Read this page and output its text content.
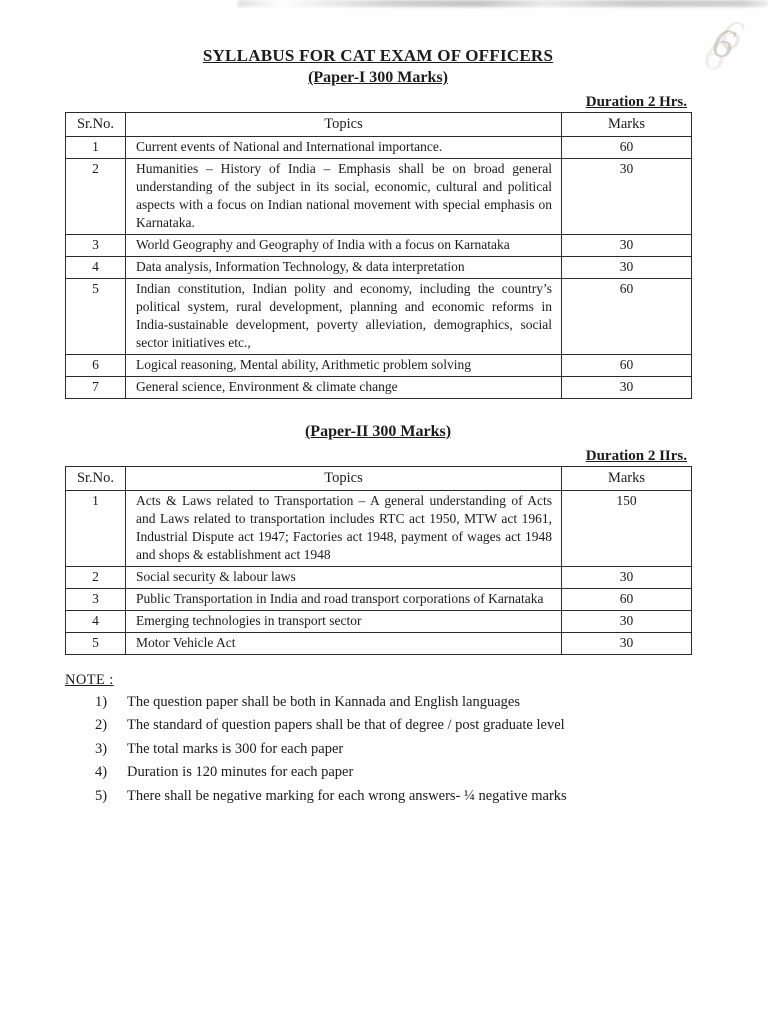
6
SYLLABUS FOR CAT EXAM OF OFFICERS
(Paper-I 300 Marks)
Duration 2 Hrs.
Sr.No.	Topics	Marks
1	Current events of National and International importance.	60
2	Humanities – History of India – Emphasis shall be on broad general understanding of the subject in its social, economic, cultural and political aspects with a focus on Indian national movement with special emphasis on Karnataka.	30
3	World Geography and Geography of India with a focus on Karnataka	30
4	Data analysis, Information Technology, & data interpretation	30
5	Indian constitution, Indian polity and economy, including the country’s political system, rural development, planning and economic reforms in India-sustainable development, poverty alleviation, demographics, social sector initiatives etc.,	60
6	Logical reasoning, Mental ability, Arithmetic problem solving	60
7	General science, Environment & climate change	30
(Paper-II 300 Marks)
Duration 2 IIrs.
Sr.No.	Topics	Marks
1	Acts & Laws related to Transportation – A general understanding of Acts and Laws related to transportation includes RTC act 1950, MTW act 1961, Industrial Dispute act 1947; Factories act 1948, payment of wages act 1948 and shops & establishment act 1948	150
2	Social security & labour laws	30
3	Public Transportation in India and road transport corporations of Karnataka	60
4	Emerging technologies in transport sector	30
5	Motor Vehicle Act	30
NOTE :
1)	The question paper shall be both in Kannada and English languages
2)	The standard of question papers shall be that of degree / post graduate level
3)	The total marks is 300 for each paper
4)	Duration is 120 minutes for each paper
5)	There shall be negative marking for each wrong answers- ¼ negative marks
